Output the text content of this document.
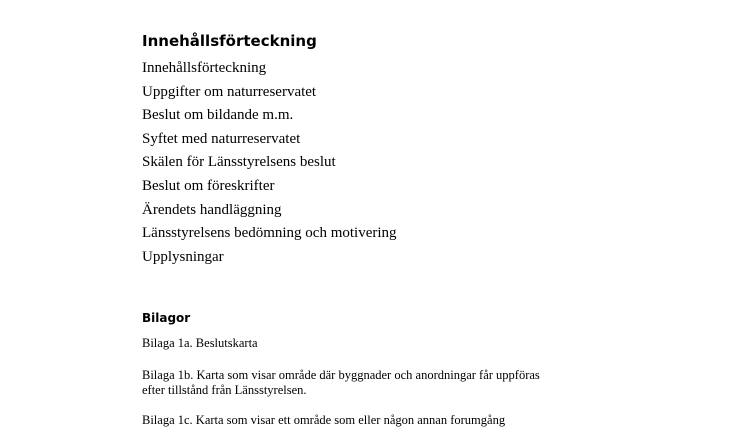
Innehållsförteckning
Innehållsförteckning
Uppgifter om naturreservatet
Beslut om bildande m.m.
Syftet med naturreservatet
Skälen för Länsstyrelsens beslut
Beslut om föreskrifter
Ärendets handläggning
Länsstyrelsens bedömning och motivering
Upplysningar
Bilagor

Bilaga 1a. Beslutskarta

Bilaga 1b. Karta som visar område där byggnader och anordningar får uppföras
efter tillstånd från Länsstyrelsen.

Bilaga 1c. Karta som visar ett område som eller någon annan forumgång
